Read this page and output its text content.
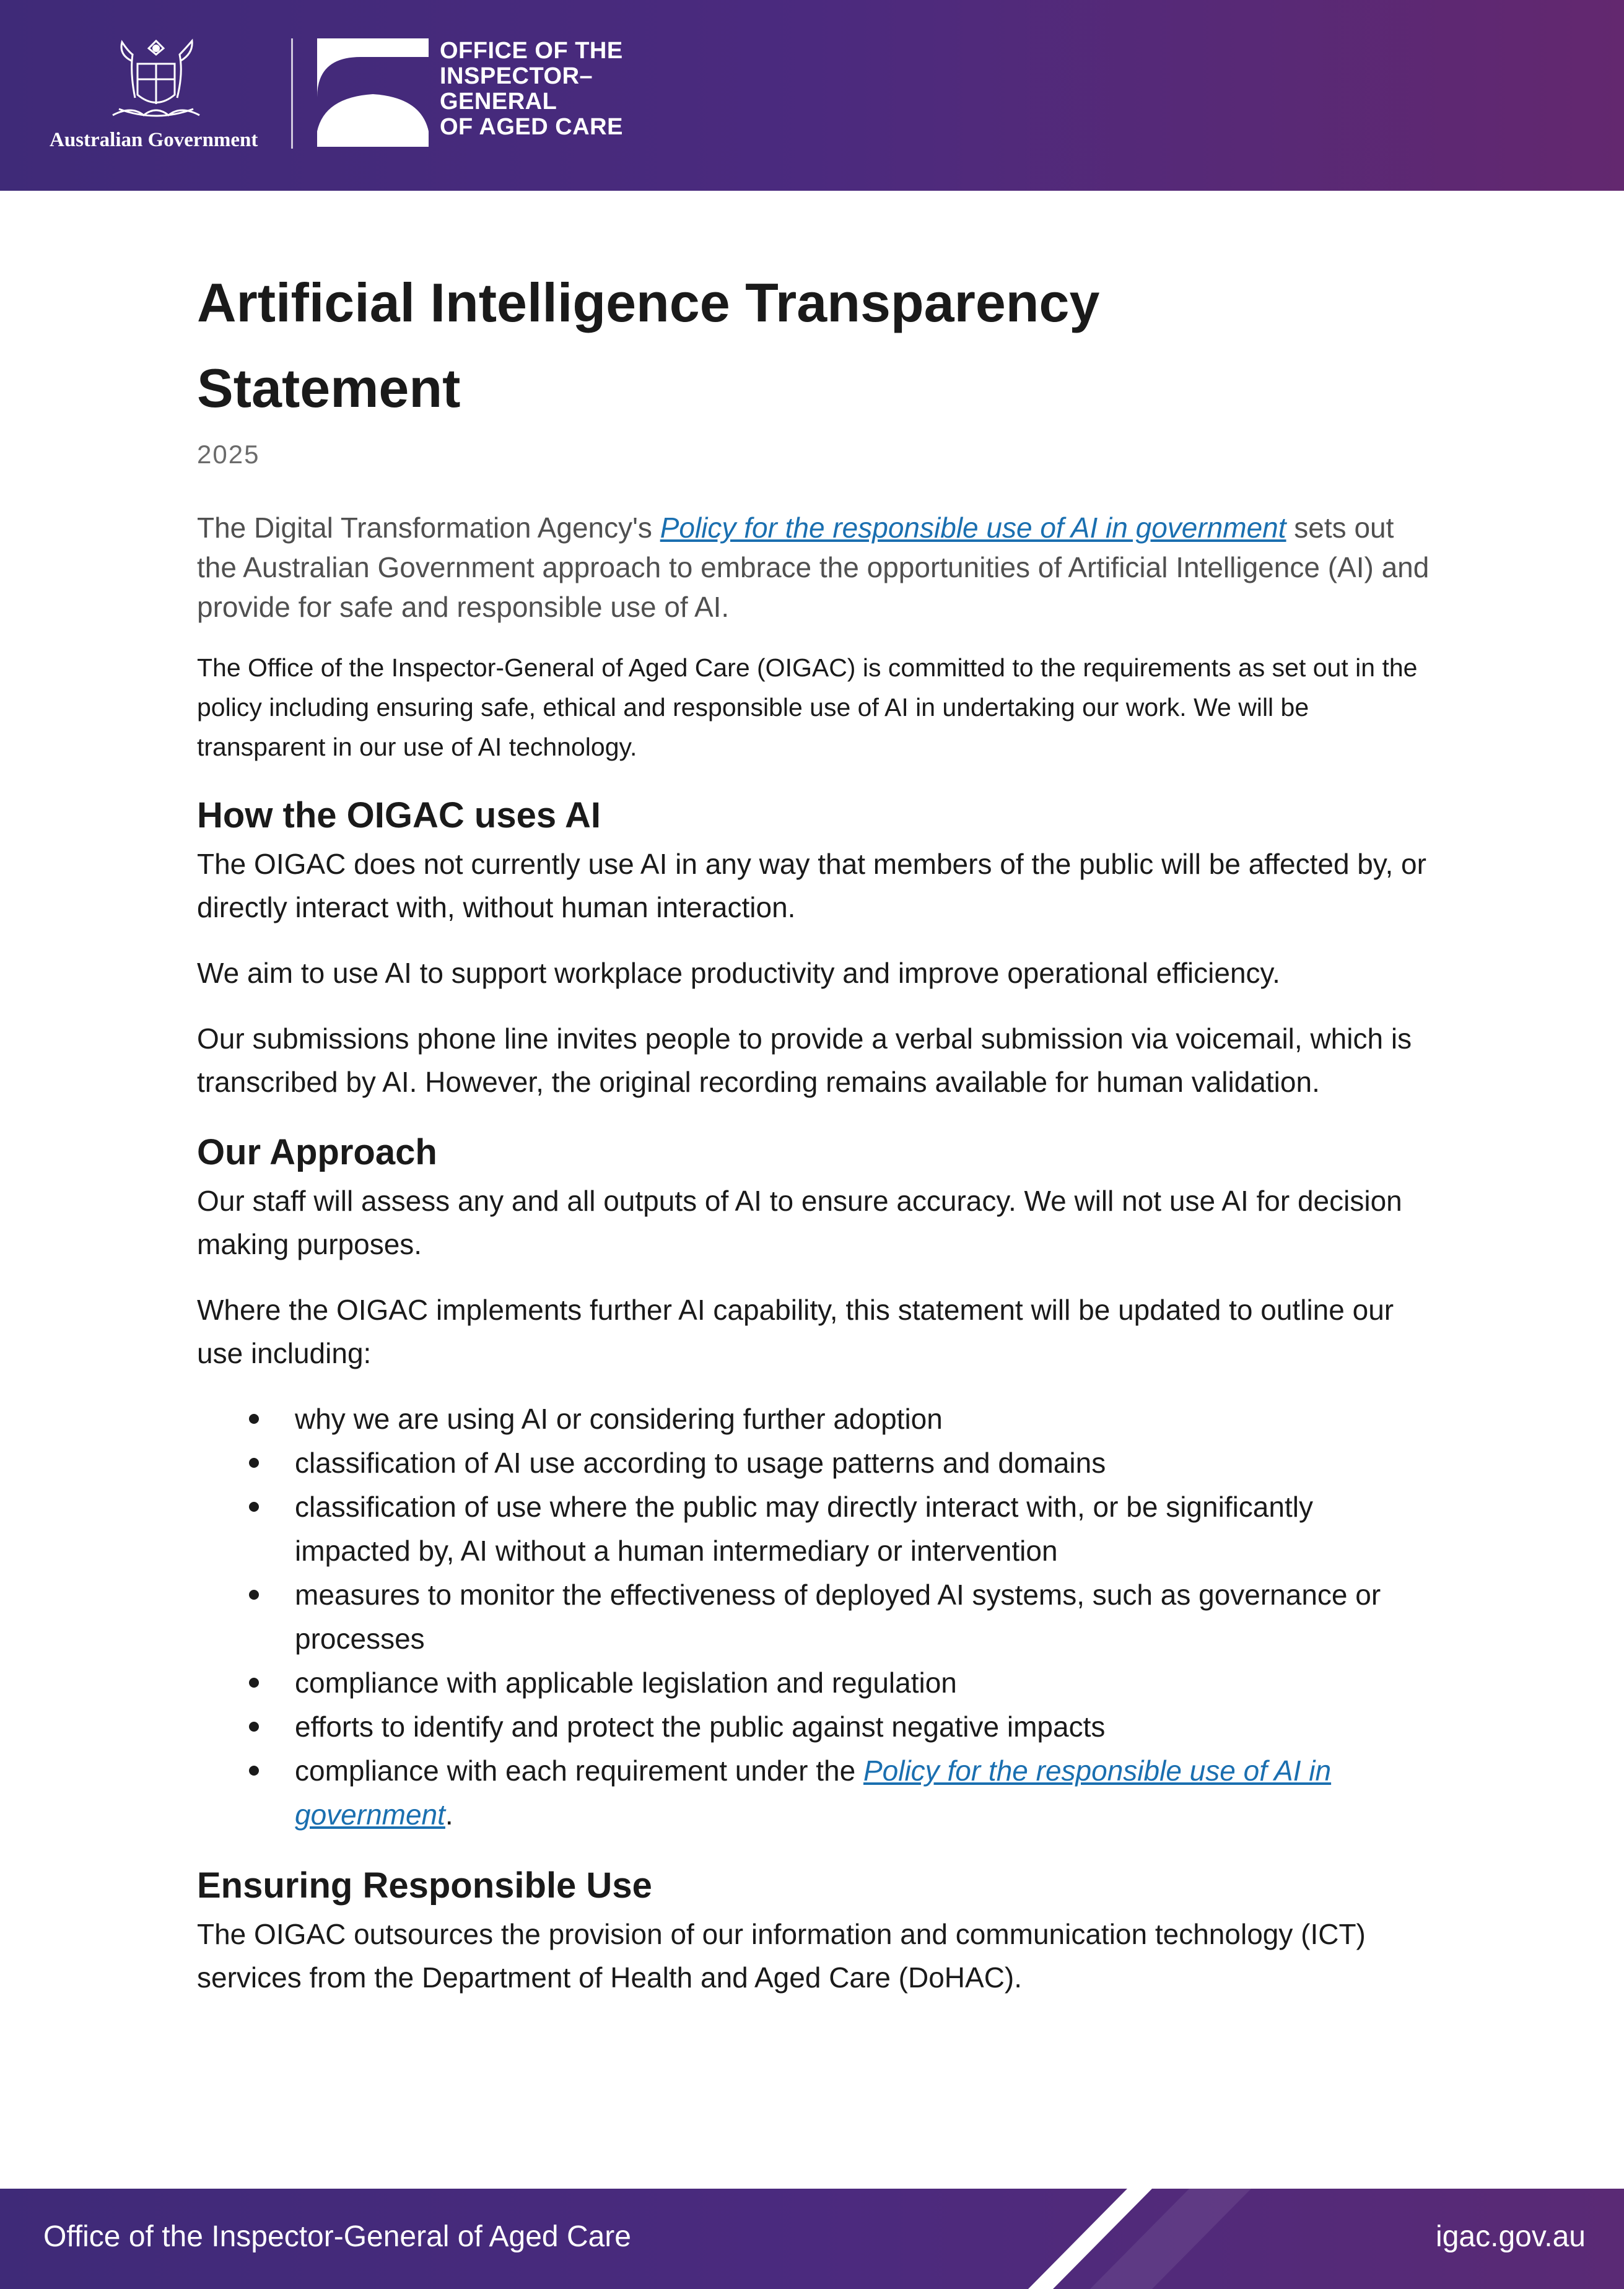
Australian Government
OFFICE OF THE
INSPECTOR–
GENERAL
OF AGED CARE
Artificial Intelligence Transparency Statement
2025
The Digital Transformation Agency's Policy for the responsible use of AI in government sets out the Australian Government approach to embrace the opportunities of Artificial Intelligence (AI) and provide for safe and responsible use of AI.
The Office of the Inspector-General of Aged Care (OIGAC) is committed to the requirements as set out in the policy including ensuring safe, ethical and responsible use of AI in undertaking our work. We will be transparent in our use of AI technology.
How the OIGAC uses AI

The OIGAC does not currently use AI in any way that members of the public will be affected by, or directly interact with, without human interaction.

We aim to use AI to support workplace productivity and improve operational efficiency.

Our submissions phone line invites people to provide a verbal submission via voicemail, which is transcribed by AI. However, the original recording remains available for human validation.

Our Approach

Our staff will assess any and all outputs of AI to ensure accuracy. We will not use AI for decision making purposes.

Where the OIGAC implements further AI capability, this statement will be updated to outline our use including:

why we are using AI or considering further adoption
classification of AI use according to usage patterns and domains
classification of use where the public may directly interact with, or be significantly impacted by, AI without a human intermediary or intervention
measures to monitor the effectiveness of deployed AI systems, such as governance or processes
compliance with applicable legislation and regulation
efforts to identify and protect the public against negative impacts
compliance with each requirement under the Policy for the responsible use of AI in government.
Ensuring Responsible Use

The OIGAC outsources the provision of our information and communication technology (ICT) services from the Department of Health and Aged Care (DoHAC).

Office of the Inspector-General of Aged Care	igac.gov.au
